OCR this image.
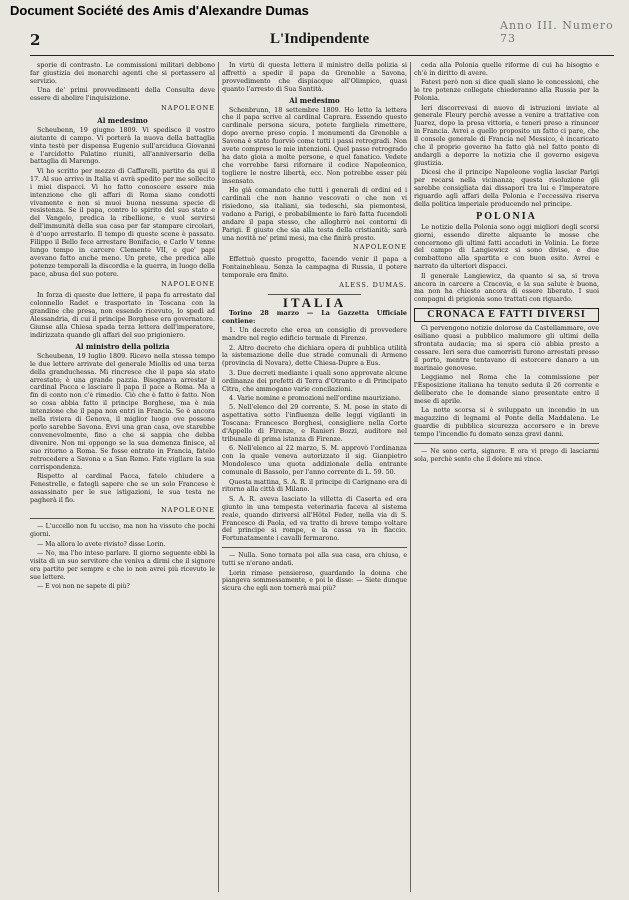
Document Société des Amis d'Alexandre Dumas
2	L'Indipendente
Anno III. Numero 73

sporie di contrasto. Le commissioni militari debbono far giustizia dei monarchi agenti che si portassero al servizio.

Una de' primi provvedimenti della Consulta deve essere di abolire l'inquisizione.

NAPOLEONE
Al medesimo

Scheubenn, 19 giugno 1809. Vi spedisco il vostro aiutante di campo. Vi porterà la nuova della battaglia vinta testè per dispensa Eugenio sull'arciduca Giovanni e l'arcidotto Palatino riuniti, all'anniversario della battaglia di Marengo.

Vi ho scritto per mezzo di Caffarelli, partito da qui il 17. Al suo arrivo in Italia vi avrà spedito per me sollecito i miei dispacci. Vi ho fatto conoscere essere mia intenzione che gli affari di Roma siano condotti vivamente e non si muoi buona nessuna specie di resistenza. Se il papa, contro lo spirito del suo stato e del Vangelo, predica la ribellione, e vuol servirsi dell'immunità della sua casa per far stampare circolari, è d'uopo arrestarlo. Il tempo di queste scene è passato. Filippo il Bello fece arrestare Bonifacio, e Carlo V tenne lungo tempo in carcere Clemente VII, e que' papi avevano fatto anche meno. Un prete, che predica alle potenze temporali la discordia e la guerra, in luogo della pace, abusa del suo potere.

NAPOLEONE

In forza di queste due lettere, il papa fu arrestato dal colonnello Radet e trasportato in Toscana con la grandine che presa, non essendo ricevuto, lo spedì ad Alessandria, di cui il principe Borghese era governatore. Giunse alla Chiesa spada terza lettera dell'imperatore, indirizzata quando gli affari del suo prigioniero.

Al ministro della polizia

Scheubenn, 19 luglio 1809. Ricevo nella stessa tempo le due lettere arrivate del generale Miollis ed una terza della granduchessa. Mi rincresce che il papa sia stato arrestato; è una grande pazzia. Bisognava arrestar il cardinal Pacca e lasciare il papa il pace a Roma. Ma a fin di conto non c'è rimedio. Ciò che è fatto è fatto. Non so cosa abbia fatto il principe Borghese, ma è mia intenzione che il papa non entri in Francia. Se è ancora nella riviera di Genova, il miglior luogo ove possono porlo sarebbe Savona. Evvi una gran casa, ove starebbe convenevolmente, fino a che si sappia che debba divenire. Non mi oppongo se la sua demenza finisce, al suo ritorno a Roma. Se fosse entrato in Francia, fatelo retrocedere a Savona e a San Remo. Fate vigilare la sua corrispondenza.

Rispetto al cardinal Pacca, fatelo chiudere a Fenestrelle, e fategli sapere che se un solo Francese è assassinato per le sue istigazioni, le sua testa ne pagherà il fio.

NAPOLEONE

— L'uccello non fu ucciso, ma non ha vissuto che pochi giorni.

— Ma allora lo avete rivisto? disse Lorin.

— No, ma l'ho inteso parlare. Il giorno seguente ebbi la visita di un suo servitore che veniva a dirmi che il signore era partito per sempre e che io non avrei più ricevuto le sue lettere.

— E voi non ne sapete di più?

In virtù di questa lettera il ministro della polizia si affrettò a spedir il papa da Grenoble a Savona, provvedimento che dispiacque all'Olimpico, quasi quanto l'arresto di Sua Santità.

Al medesimo

Schenbrunn, 18 settembre 1809. Ho letto la lettera che il papa scrive al cardinal Caprara. Essendo questo cardinale persona sicura, potete fargliela rimettere, dopo averne preso copia. I monumenti da Grenoble a Savona è stato fuorviò come tutti i passi retrogradi. Non avete compreso le mie intenzioni. Quel passo retrogrado ha dato gioia a molte persone, e quel fanatico. Vedete che vorrebbe farsi rifornare il codice Napoleonico, togliere le nostre libertà, ecc. Non potrebbe esser più insensato.

Ho già comandato che tutti i generali di ordini ed i cardinali che non hanno vescovati o che non vi risiedono, sia italiani, sia tedeschi, sia piemontesi, vadano a Parigi, e probabilmente io farò fatta fucendoli andare il papa stesso, che alloghrrò nei contorni di Parigi. È giusto che sia alla testa della cristianità; sarà una novità ne' primi mesi, ma che finirà presto.

NAPOLEONE

Effettuò questo progetto, facendo venir il papa a Fontainebleau. Senza la campagna di Russia, il potere temporale era finito.

ALESS. DUMAS.
ITALIA

Torino 28 marzo — La Gazzetta Ufficiale contiene:

1. Un decreto che erea un consiglio di provvedere mandre nel regio edificio termale di Firenze.

2. Altro decreto che dichiara opera di pubblica utilità la sistemazione delle due strade comunali di Armeno (provincia di Novara), dette Chiesa-Dupre a Eus.

3. Due decreti mediante i quali sono approvate alcune ordinanze dei prefetti di Terra d'Otranto e di Principato Citra, che ammogano varie concilazioni.

4. Varie nomine e promozioni nell'ordine mauriziano.

5. Nell'elenco del 29 corrente, S. M. pose in stato di aspettativa sotto l'influenza delle leggi vigilanti in Toscana: Francesco Borghesi, consigliere nella Corte d'Appello di Firenze, e Ranieri Bozzi, auditore nel tribunale di prima istanza di Firenze.

6. Nell'elenco al 22 marzo, S. M. approvò l'ordinanza con la quale veneva autorizzato il sig. Gianpietro Mondolesco una quota addizionale della entrante comunale di Bassolo, per l'anno corrente di L. 59. 50.

Questa mattina, S. A. R. il principe di Carignano era di ritorno alla città di Milano.

S. A. R. aveva lasciato la villetta di Caserta ed era giunto in una tempesta veterinaria faceva al sistema reale, quando diriversi all'Hôtel Feder, nella via di S. Francesco di Paola, ed va tratto di breve tempo voltare del principe si rompe, e la cassa va in fiaccio. Fortunatamente i cavalli fermarono.

— Nulla. Sono tornata poi alla sua casa, era chiusa, e tutti se n'erano andati.

Lorin rimase pensieroso, guardando la donna che piangeva sommessamente, e poi le disse: — Siete dunque sicura che egli non tornerà mai più?

ceda alla Polonia quelle riforme di cui ha bisogno e ch'è in diritto di avere.

Fatevi però non si dice quali siano le concessioni, che le tre potenze collegate chiederanno alla Russia per la Polonia.

Ieri discorrevasi di nuovo di istruzioni inviate al generale Fleury perchè avesse a venire a trattative con Juarez, dopo la presa vittoria, e teneri preso a rinuncer in Francia. Avrei a quello proposito un fatto ci pare, che il console generale di Francia nel Messico, è incaricato che il proprio governo ha fatto già nel fatto ponto di andargli a deporre la notizia che il governo esigeva giustizia.

Dicesi che il principe Napoleone voglia lasciar Parigi per recarsi nella vicinanza; questa risoluzione gli sarebbe consigliata dai dissapori tra lui e l'imperatore riguardo agli affari della Polonia e l'eccessiva riserva della politica imperiale producendo nel principe.

POLONIA

Le notizie della Polonia sono oggi migliori degli scorsi giorni, essendo dirette alquante le mosse che concernono gli ultimi fatti accaduti in Volinia. Le forze del campo di Langiewicz si sono divise, e due combattono alla spartita e con buon esito. Avrei e narrato da ulteriori dispacci.

Il generale Langiewicz, da quanto si sa, si trova ancora in carcere a Cracovia, e la sua salute è buona, ma non ha chiesto ancora di essere liberato. I suoi compagni di prigionia sono trattati con riguardo.

CRONACA E FATTI DIVERSI

Ci pervengono notizie dolorose da Castellammare, ove esiliano quasi a pubblico malumore gli ultimi della sfrontata audacia; ma si spera ciò abbia presto a cessare. Ieri sera due camorristi furono arrestati presso il porto, mentre tentavano di estorcere danaro a un marinaio genovese.

Leggiamo nel Roma che la commissione per l'Esposizione italiana ha tenuto seduta il 26 corrente e deliberato che le domande siano presentate entro il mese di aprile.

La notte scorsa si è sviluppato un incendio in un magazzino di legnami al Ponte della Maddalena. Le guardie di pubblica sicurezza accorsero e in breve tempo l'incendio fu domato senza gravi danni.

— Ne sono certa, signore. E ora vi prego di lasciarmi sola, perchè sento che il dolore mi vince.
